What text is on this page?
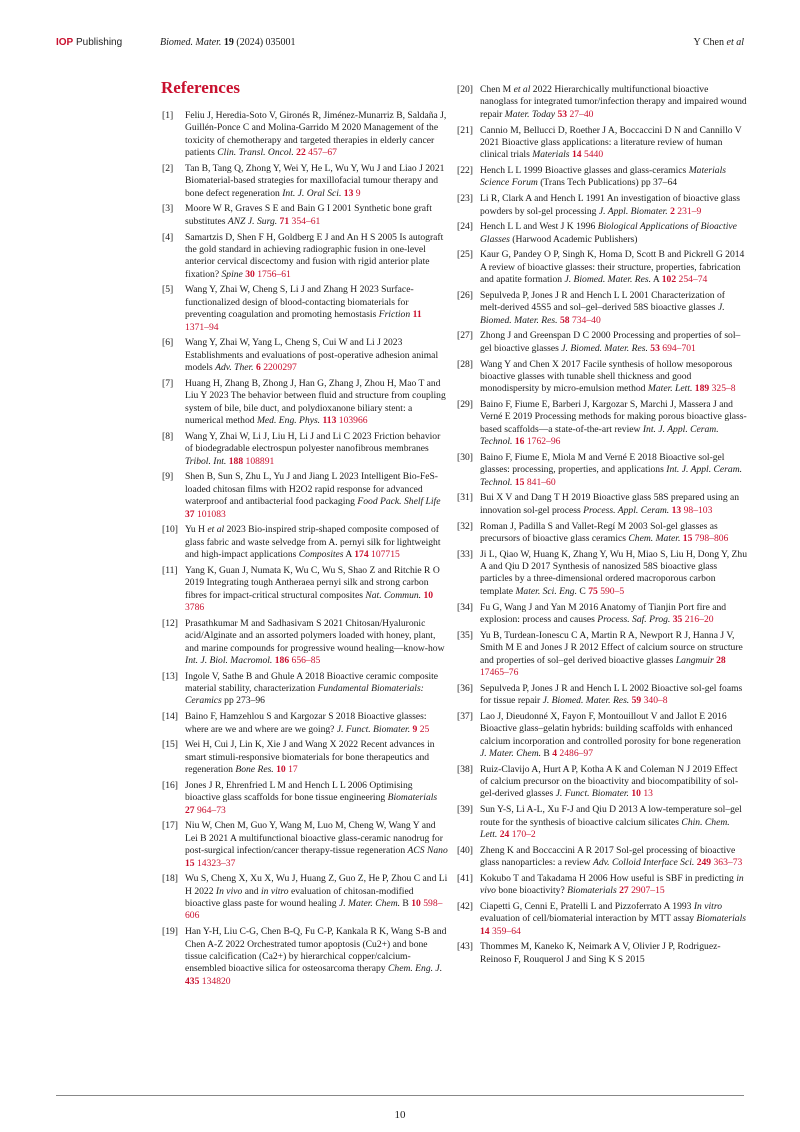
IOP Publishing	Biomed. Mater. 19 (2024) 035001	Y Chen et al
References
[1] Feliu J, Heredia-Soto V, Gironés R, Jiménez-Munarriz B, Saldaña J, Guillén-Ponce C and Molina-Garrido M 2020 Management of the toxicity of chemotherapy and targeted therapies in elderly cancer patients Clin. Transl. Oncol. 22 457–67
[2] Tan B, Tang Q, Zhong Y, Wei Y, He L, Wu Y, Wu J and Liao J 2021 Biomaterial-based strategies for maxillofacial tumour therapy and bone defect regeneration Int. J. Oral Sci. 13 9
[3] Moore W R, Graves S E and Bain G I 2001 Synthetic bone graft substitutes ANZ J. Surg. 71 354–61
[4] Samartzis D, Shen F H, Goldberg E J and An H S 2005 Is autograft the gold standard in achieving radiographic fusion in one-level anterior cervical discectomy and fusion with rigid anterior plate fixation? Spine 30 1756–61
[5] Wang Y, Zhai W, Cheng S, Li J and Zhang H 2023 Surface-functionalized design of blood-contacting biomaterials for preventing coagulation and promoting hemostasis Friction 11 1371–94
[6] Wang Y, Zhai W, Yang L, Cheng S, Cui W and Li J 2023 Establishments and evaluations of post-operative adhesion animal models Adv. Ther. 6 2200297
[7] Huang H, Zhang B, Zhong J, Han G, Zhang J, Zhou H, Mao T and Liu Y 2023 The behavior between fluid and structure from coupling system of bile, bile duct, and polydioxanone biliary stent: a numerical method Med. Eng. Phys. 113 103966
[8] Wang Y, Zhai W, Li J, Liu H, Li J and Li C 2023 Friction behavior of biodegradable electrospun polyester nanofibrous membranes Tribol. Int. 188 108891
[9] Shen B, Sun S, Zhu L, Yu J and Jiang L 2023 Intelligent Bio-FeS-loaded chitosan films with H2O2 rapid response for advanced waterproof and antibacterial food packaging Food Pack. Shelf Life 37 101083
[10] Yu H et al 2023 Bio-inspired strip-shaped composite composed of glass fabric and waste selvedge from A. pernyi silk for lightweight and high-impact applications Composites A 174 107715
[11] Yang K, Guan J, Numata K, Wu C, Wu S, Shao Z and Ritchie R O 2019 Integrating tough Antheraea pernyi silk and strong carbon fibres for impact-critical structural composites Nat. Commun. 10 3786
[12] Prasathkumar M and Sadhasivam S 2021 Chitosan/Hyaluronic acid/Alginate and an assorted polymers loaded with honey, plant, and marine compounds for progressive wound healing—know-how Int. J. Biol. Macromol. 186 656–85
[13] Ingole V, Sathe B and Ghule A 2018 Bioactive ceramic composite material stability, characterization Fundamental Biomaterials: Ceramics pp 273–96
[14] Baino F, Hamzehlou S and Kargozar S 2018 Bioactive glasses: where are we and where are we going? J. Funct. Biomater. 9 25
[15] Wei H, Cui J, Lin K, Xie J and Wang X 2022 Recent advances in smart stimuli-responsive biomaterials for bone therapeutics and regeneration Bone Res. 10 17
[16] Jones J R, Ehrenfried L M and Hench L L 2006 Optimising bioactive glass scaffolds for bone tissue engineering Biomaterials 27 964–73
[17] Niu W, Chen M, Guo Y, Wang M, Luo M, Cheng W, Wang Y and Lei B 2021 A multifunctional bioactive glass-ceramic nanodrug for post-surgical infection/cancer therapy-tissue regeneration ACS Nano 15 14323–37
[18] Wu S, Cheng X, Xu X, Wu J, Huang Z, Guo Z, He P, Zhou C and Li H 2022 In vivo and in vitro evaluation of chitosan-modified bioactive glass paste for wound healing J. Mater. Chem. B 10 598–606
[19] Han Y-H, Liu C-G, Chen B-Q, Fu C-P, Kankala R K, Wang S-B and Chen A-Z 2022 Orchestrated tumor apoptosis (Cu2+) and bone tissue calcification (Ca2+) by hierarchical copper/calcium-ensembled bioactive silica for osteosarcoma therapy Chem. Eng. J. 435 134820
[20] Chen M et al 2022 Hierarchically multifunctional bioactive nanoglass for integrated tumor/infection therapy and impaired wound repair Mater. Today 53 27–40
[21] Cannio M, Bellucci D, Roether J A, Boccaccini D N and Cannillo V 2021 Bioactive glass applications: a literature review of human clinical trials Materials 14 5440
[22] Hench L L 1999 Bioactive glasses and glass-ceramics Materials Science Forum (Trans Tech Publications) pp 37–64
[23] Li R, Clark A and Hench L 1991 An investigation of bioactive glass powders by sol-gel processing J. Appl. Biomater. 2 231–9
[24] Hench L L and West J K 1996 Biological Applications of Bioactive Glasses (Harwood Academic Publishers)
[25] Kaur G, Pandey O P, Singh K, Homa D, Scott B and Pickrell G 2014 A review of bioactive glasses: their structure, properties, fabrication and apatite formation J. Biomed. Mater. Res. A 102 254–74
[26] Sepulveda P, Jones J R and Hench L L 2001 Characterization of melt-derived 45S5 and sol–gel–derived 58S bioactive glasses J. Biomed. Mater. Res. 58 734–40
[27] Zhong J and Greenspan D C 2000 Processing and properties of sol–gel bioactive glasses J. Biomed. Mater. Res. 53 694–701
[28] Wang Y and Chen X 2017 Facile synthesis of hollow mesoporous bioactive glasses with tunable shell thickness and good monodispersity by micro-emulsion method Mater. Lett. 189 325–8
[29] Baino F, Fiume E, Barberi J, Kargozar S, Marchi J, Massera J and Verné E 2019 Processing methods for making porous bioactive glass-based scaffolds—a state-of-the-art review Int. J. Appl. Ceram. Technol. 16 1762–96
[30] Baino F, Fiume E, Miola M and Verné E 2018 Bioactive sol-gel glasses: processing, properties, and applications Int. J. Appl. Ceram. Technol. 15 841–60
[31] Bui X V and Dang T H 2019 Bioactive glass 58S prepared using an innovation sol-gel process Process. Appl. Ceram. 13 98–103
[32] Roman J, Padilla S and Vallet-Regí M 2003 Sol-gel glasses as precursors of bioactive glass ceramics Chem. Mater. 15 798–806
[33] Ji L, Qiao W, Huang K, Zhang Y, Wu H, Miao S, Liu H, Dong Y, Zhu A and Qiu D 2017 Synthesis of nanosized 58S bioactive glass particles by a three-dimensional ordered macroporous carbon template Mater. Sci. Eng. C 75 590–5
[34] Fu G, Wang J and Yan M 2016 Anatomy of Tianjin Port fire and explosion: process and causes Process. Saf. Prog. 35 216–20
[35] Yu B, Turdean-Ionescu C A, Martin R A, Newport R J, Hanna J V, Smith M E and Jones J R 2012 Effect of calcium source on structure and properties of sol–gel derived bioactive glasses Langmuir 28 17465–76
[36] Sepulveda P, Jones J R and Hench L L 2002 Bioactive sol-gel foams for tissue repair J. Biomed. Mater. Res. 59 340–8
[37] Lao J, Dieudonné X, Fayon F, Montouillout V and Jallot E 2016 Bioactive glass–gelatin hybrids: building scaffolds with enhanced calcium incorporation and controlled porosity for bone regeneration J. Mater. Chem. B 4 2486–97
[38] Ruiz-Clavijo A, Hurt A P, Kotha A K and Coleman N J 2019 Effect of calcium precursor on the bioactivity and biocompatibility of sol-gel-derived glasses J. Funct. Biomater. 10 13
[39] Sun Y-S, Li A-L, Xu F-J and Qiu D 2013 A low-temperature sol–gel route for the synthesis of bioactive calcium silicates Chin. Chem. Lett. 24 170–2
[40] Zheng K and Boccaccini A R 2017 Sol-gel processing of bioactive glass nanoparticles: a review Adv. Colloid Interface Sci. 249 363–73
[41] Kokubo T and Takadama H 2006 How useful is SBF in predicting in vivo bone bioactivity? Biomaterials 27 2907–15
[42] Ciapetti G, Cenni E, Pratelli L and Pizzoferrato A 1993 In vitro evaluation of cell/biomaterial interaction by MTT assay Biomaterials 14 359–64
[43] Thommes M, Kaneko K, Neimark A V, Olivier J P, Rodriguez-Reinoso F, Rouquerol J and Sing K S 2015
10
